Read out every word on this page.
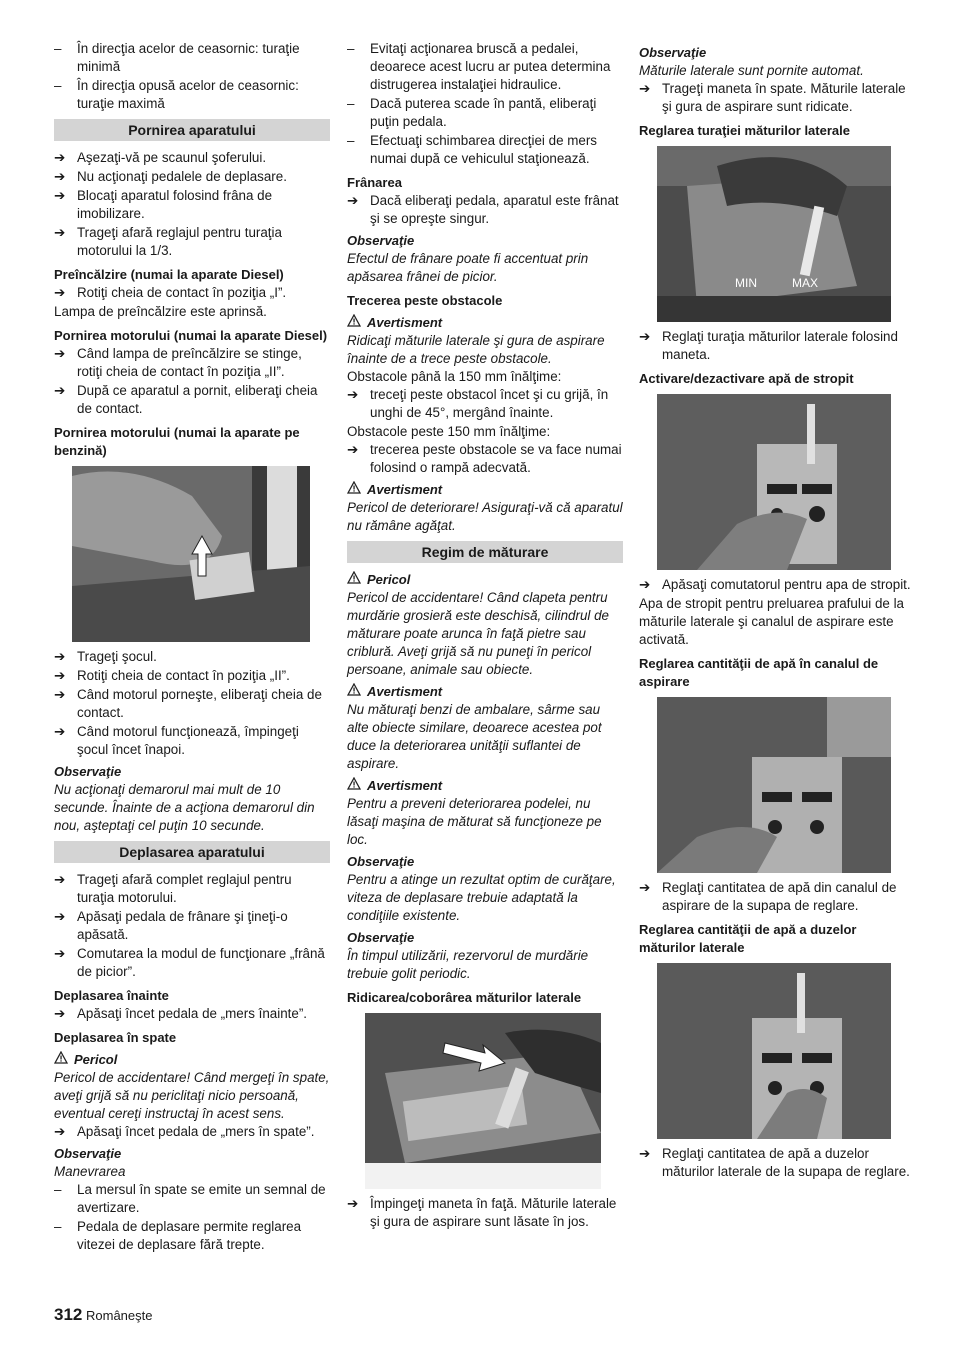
–	În direcţia acelor de ceasornic: turaţie minimă
–	În direcţia opusă acelor de ceasornic: turaţie maximă
Pornirea aparatului
➔ Aşezaţi-vă pe scaunul şoferului.
➔ Nu acţionaţi pedalele de deplasare.
➔ Blocaţi aparatul folosind frâna de imobilizare.
➔ Trageţi afară reglajul pentru turaţia motorului la 1/3.
Preîncălzire (numai la aparate Diesel)
➔ Rotiţi cheia de contact în poziţia „I”.

Lampa de preîncălzire este aprinsă.

Pornirea motorului (numai la aparate Diesel)
➔ Când lampa de preîncălzire se stinge, rotiţi cheia de contact în poziţia „II”.
➔ După ce aparatul a pornit, eliberaţi cheia de contact.
Pornirea motorului (numai la aparate pe benzină)
➔ Trageţi şocul.
➔ Rotiţi cheia de contact în poziţia „II”.
➔ Când motorul porneşte, eliberaţi cheia de contact.
➔ Când motorul funcţionează, împingeţi şocul încet înapoi.
Observaţie

Nu acţionaţi demarorul mai mult de 10 secunde. Înainte de a acţiona demarorul din nou, aşteptaţi cel puţin 10 secunde.

Deplasarea aparatului
➔ Trageţi afară complet reglajul pentru turaţia motorului.
➔ Apăsaţi pedala de frânare şi ţineţi-o apăsată.
➔ Comutarea la modul de funcţionare „frână de picior”.
Deplasarea înainte
➔ Apăsaţi încet pedala de „mers înainte”.
Deplasarea în spate
Pericol

Pericol de accidentare! Când mergeţi în spate, aveţi grijă să nu periclitaţi nicio persoană, eventual cereţi instructaj în acest sens.

➔ Apăsaţi încet pedala de „mers în spate”.
Observaţie

Manevrarea

–	La mersul în spate se emite un semnal de avertizare.
–	Pedala de deplasare permite reglarea vitezei de deplasare fără trepte.
–	Evitaţi acţionarea bruscă a pedalei, deoarece acest lucru ar putea determina distrugerea instalaţiei hidraulice.
–	Dacă puterea scade în pantă, eliberaţi puţin pedala.
–	Efectuaţi schimbarea direcţiei de mers numai după ce vehiculul staţionează.
Frânarea
➔ Dacă eliberaţi pedala, aparatul este frânat şi se opreşte singur.
Observaţie

Efectul de frânare poate fi accentuat prin apăsarea frânei de picior.

Trecerea peste obstacole
Avertisment

Ridicaţi măturile laterale şi gura de aspirare înainte de a trece peste obstacole.

Obstacole până la 150 mm înălţime:

➔ treceţi peste obstacol încet şi cu grijă, în unghi de 45°, mergând înainte.

Obstacole peste 150 mm înălţime:

➔ trecerea peste obstacole se va face numai folosind o rampă adecvată.
Avertisment

Pericol de deteriorare! Asiguraţi-vă că aparatul nu rămâne agăţat.

Regim de măturare
Pericol

Pericol de accidentare! Când clapeta pentru murdărie grosieră este deschisă, cilindrul de măturare poate arunca în faţă pietre sau criblură. Aveţi grijă să nu puneţi în pericol persoane, animale sau obiecte.

Avertisment

Nu măturaţi benzi de ambalare, sârme sau alte obiecte similare, deoarece acestea pot duce la deteriorarea unităţii suflantei de aspirare.

Avertisment

Pentru a preveni deteriorarea podelei, nu lăsaţi maşina de măturat să funcţioneze pe loc.

Observaţie

Pentru a atinge un rezultat optim de curăţare, viteza de deplasare trebuie adaptată la condiţiile existente.

Observaţie

În timpul utilizării, rezervorul de murdărie trebuie golit periodic.

Ridicarea/coborârea măturilor laterale
➔ Împingeţi maneta în faţă. Măturile laterale şi gura de aspirare sunt lăsate în jos.
Observaţie

Măturile laterale sunt pornite automat.

➔ Trageţi maneta în spate. Măturile laterale şi gura de aspirare sunt ridicate.
Reglarea turaţiei măturilor laterale
MIN	MAX
➔ Reglaţi turaţia măturilor laterale folosind maneta.
Activare/dezactivare apă de stropit
➔ Apăsaţi comutatorul pentru apa de stropit.

Apa de stropit pentru preluarea prafului de la măturile laterale şi canalul de aspirare este activată.

Reglarea cantităţii de apă în canalul de aspirare
➔ Reglaţi cantitatea de apă din canalul de aspirare de la supapa de reglare.
Reglarea cantităţii de apă a duzelor măturilor laterale
➔ Reglaţi cantitatea de apă a duzelor măturilor laterale de la supapa de reglare.
312 Româneşte
